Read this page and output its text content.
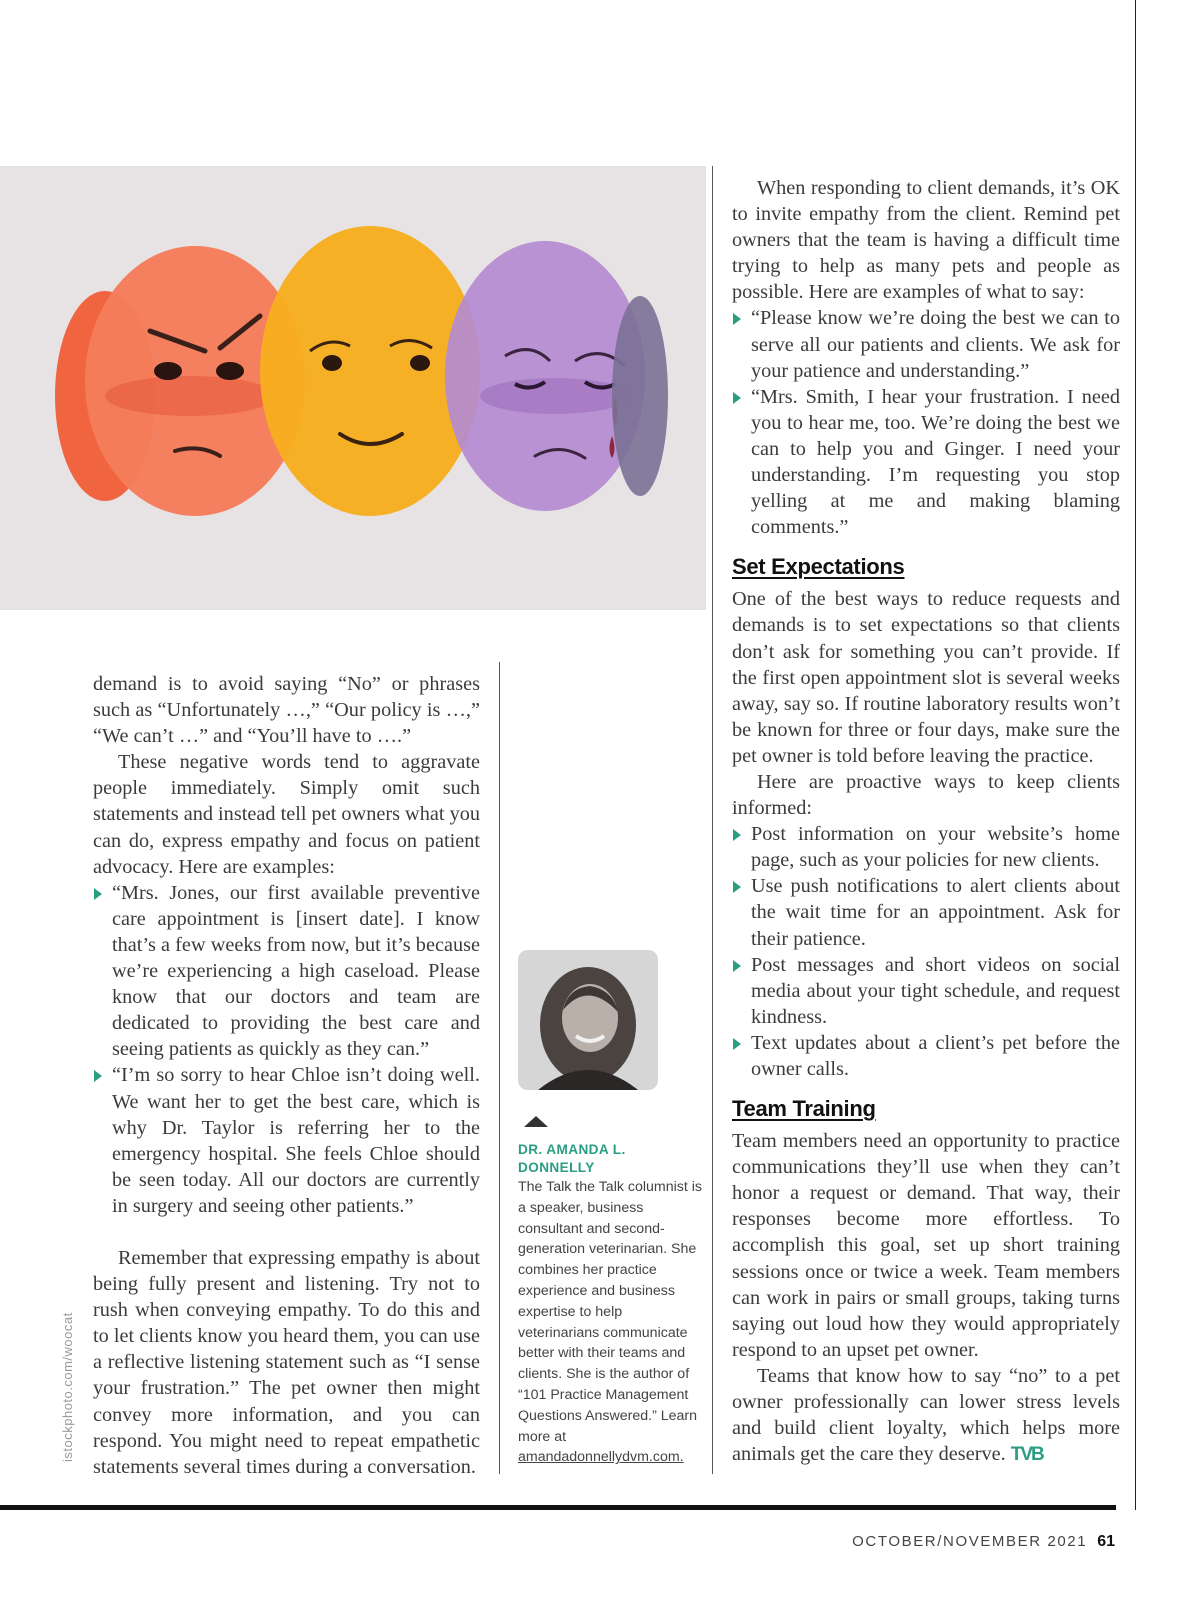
istockphoto.com/woocat

demand is to avoid saying “No” or phrases such as “Unfortunately …,” “Our policy is …,” “We can’t …” and “You’ll have to ….”

These negative words tend to aggravate people immediately. Simply omit such statements and instead tell pet owners what you can do, express empathy and focus on patient advocacy. Here are examples:

“Mrs. Jones, our first available preventive care appointment is [insert date]. I know that’s a few weeks from now, but it’s because we’re experiencing a high caseload. Please know that our doctors and team are dedicated to providing the best care and seeing patients as quickly as they can.”

“I’m so sorry to hear Chloe isn’t doing well. We want her to get the best care, which is why Dr. Taylor is referring her to the emergency hospital. She feels Chloe should be seen today. All our doctors are currently in surgery and seeing other patients.”

Remember that expressing empathy is about being fully present and listening. Try not to rush when conveying empathy. To do this and to let clients know you heard them, you can use a reflective listening statement such as “I sense your frustration.” The pet owner then might convey more information, and you can respond. You might need to repeat empathetic statements several times during a conversation.

DR. AMANDA L. DONNELLY

The Talk the Talk columnist is a speaker, business consultant and second-generation veterinarian. She combines her practice experience and business expertise to help veterinarians communicate better with their teams and clients. She is the author of “101 Practice Management Questions Answered.” Learn more at

amandadonnellydvm.com.

When responding to client demands, it’s OK to invite empathy from the client. Remind pet owners that the team is having a difficult time trying to help as many pets and people as possible. Here are examples of what to say:

“Please know we’re doing the best we can to serve all our patients and clients. We ask for your patience and understanding.”

“Mrs. Smith, I hear your frustration. I need you to hear me, too. We’re doing the best we can to help you and Ginger. I need your understanding. I’m requesting you stop yelling at me and making blaming comments.”

Set Expectations

One of the best ways to reduce requests and demands is to set expectations so that clients don’t ask for something you can’t provide. If the first open appointment slot is several weeks away, say so. If routine laboratory results won’t be known for three or four days, make sure the pet owner is told before leaving the practice.

Here are proactive ways to keep clients informed:

Post information on your website’s home page, such as your policies for new clients.

Use push notifications to alert clients about the wait time for an appointment. Ask for their patience.

Post messages and short videos on social media about your tight schedule, and request kindness.

Text updates about a client’s pet before the owner calls.

Team Training

Team members need an opportunity to practice communications they’ll use when they can’t honor a request or demand. That way, their responses become more effortless. To accomplish this goal, set up short training sessions once or twice a week. Team members can work in pairs or small groups, taking turns saying out loud how they would appropriately respond to an upset pet owner.

Teams that know how to say “no” to a pet owner professionally can lower stress levels and build client loyalty, which helps more animals get the care they deserve. TVB

OCTOBER/NOVEMBER 2021 61
